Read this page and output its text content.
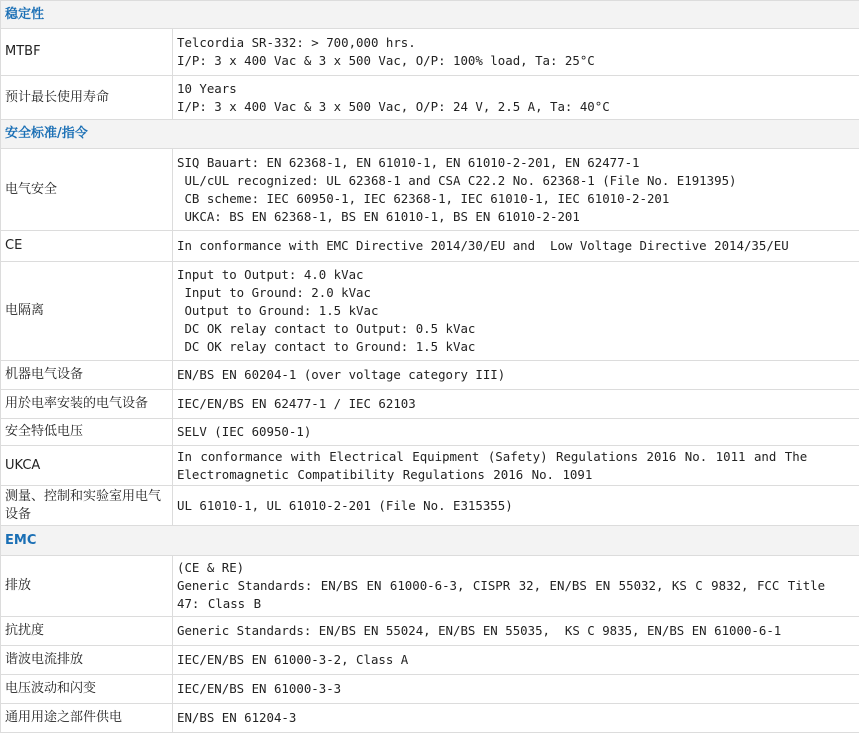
稳定性	
MTBF	Telcordia SR-332: > 700,000 hrs.
I/P: 3 x 400 Vac & 3 x 500 Vac, O/P: 100% load, Ta: 25°C

预计最长使用寿命	10 Years
I/P: 3 x 400 Vac & 3 x 500 Vac, O/P: 24 V, 2.5 A, Ta: 40°C

安全标准/指令	
电气安全	SIQ Bauart: EN 62368-1, EN 61010-1, EN 61010-2-201, EN 62477-1
UL/cUL recognized: UL 62368-1 and CSA C22.2 No. 62368-1 (File No. E191395)
CB scheme: IEC 60950-1, IEC 62368-1, IEC 61010-1, IEC 61010-2-201
UKCA: BS EN 62368-1, BS EN 61010-1, BS EN 61010-2-201

CE	In conformance with EMC Directive 2014/30/EU and  Low Voltage Directive 2014/35/EU

电隔离	Input to Output: 4.0 kVac
Input to Ground: 2.0 kVac
Output to Ground: 1.5 kVac
DC OK relay contact to Output: 0.5 kVac
DC OK relay contact to Ground: 1.5 kVac

机器电气设备	EN/BS EN 60204-1 (over voltage category III)

用於电率安装的电气设备	IEC/EN/BS EN 62477-1 / IEC 62103

安全特低电压	SELV (IEC 60950-1)

UKCA	In conformance with Electrical Equipment (Safety) Regulations 2016 No. 1011 and The Electromagnetic Compatibility Regulations 2016 No. 1091

测量、控制和实验室用电气设备	UL 61010-1, UL 61010-2-201 (File No. E315355)

EMC	
排放	(CE & RE)
Generic Standards: EN/BS EN 61000-6-3, CISPR 32, EN/BS EN 55032, KS C 9832, FCC Title 47: Class B

抗扰度	Generic Standards: EN/BS EN 55024, EN/BS EN 55035,  KS C 9835, EN/BS EN 61000-6-1

谐波电流排放	IEC/EN/BS EN 61000-3-2, Class A

电压波动和闪变	IEC/EN/BS EN 61000-3-3

通用用途之部件供电	EN/BS EN 61204-3
